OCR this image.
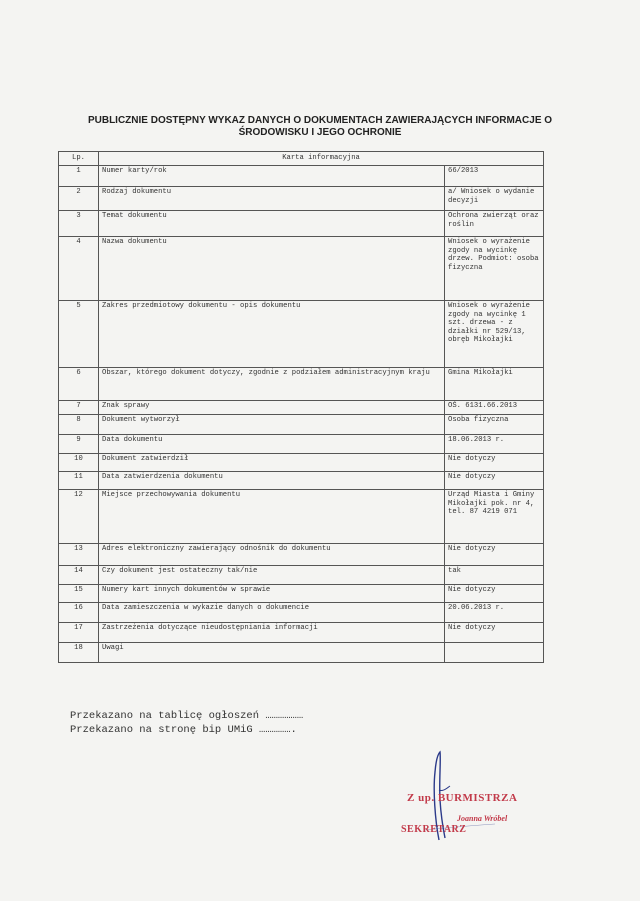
PUBLICZNIE DOSTĘPNY WYKAZ DANYCH O DOKUMENTACH ZAWIERAJĄCYCH INFORMACJE O ŚRODOWISKU I JEGO OCHRONIE
Lp.	Karta informacyjna	
1	Numer karty/rok	66/2013
2	Rodzaj dokumentu	a/ Wniosek o wydanie decyzji
3	Temat dokumentu	Ochrona zwierząt oraz roślin
4	Nazwa dokumentu	Wniosek o wyrażenie zgody na wycinkę drzew. Podmiot: osoba fizyczna
5	Zakres przedmiotowy dokumentu - opis dokumentu	Wniosek o wyrażenie zgody na wycinkę 1 szt. drzewa - z działki nr 529/13, obręb Mikołajki
6	Obszar, którego dokument dotyczy, zgodnie z podziałem administracyjnym kraju	Gmina Mikołajki
7	Znak sprawy	OŚ. 6131.66.2013
8	Dokument wytworzył	Osoba fizyczna
9	Data dokumentu	18.06.2013 r.
10	Dokument zatwierdził	Nie dotyczy
11	Data zatwierdzenia dokumentu	Nie dotyczy
12	Miejsce przechowywania dokumentu	Urząd Miasta i Gminy Mikołajki pok. nr 4, tel. 87 4219 071
13	Adres elektroniczny zawierający odnośnik do dokumentu	Nie dotyczy
14	Czy dokument jest ostateczny tak/nie	tak
15	Numery kart innych dokumentów w sprawie	Nie dotyczy
16	Data zamieszczenia w wykazie danych o dokumencie	20.06.2013 r.
17	Zastrzeżenia dotyczące nieudostępniania informacji	Nie dotyczy
18	Uwagi	
Przekazano na tablicę ogłoszeń ………………
Przekazano na stronę bip UMiG …………….
Z up. BURMISTRZA
Joanna Wróbel
SEKRETARZ
